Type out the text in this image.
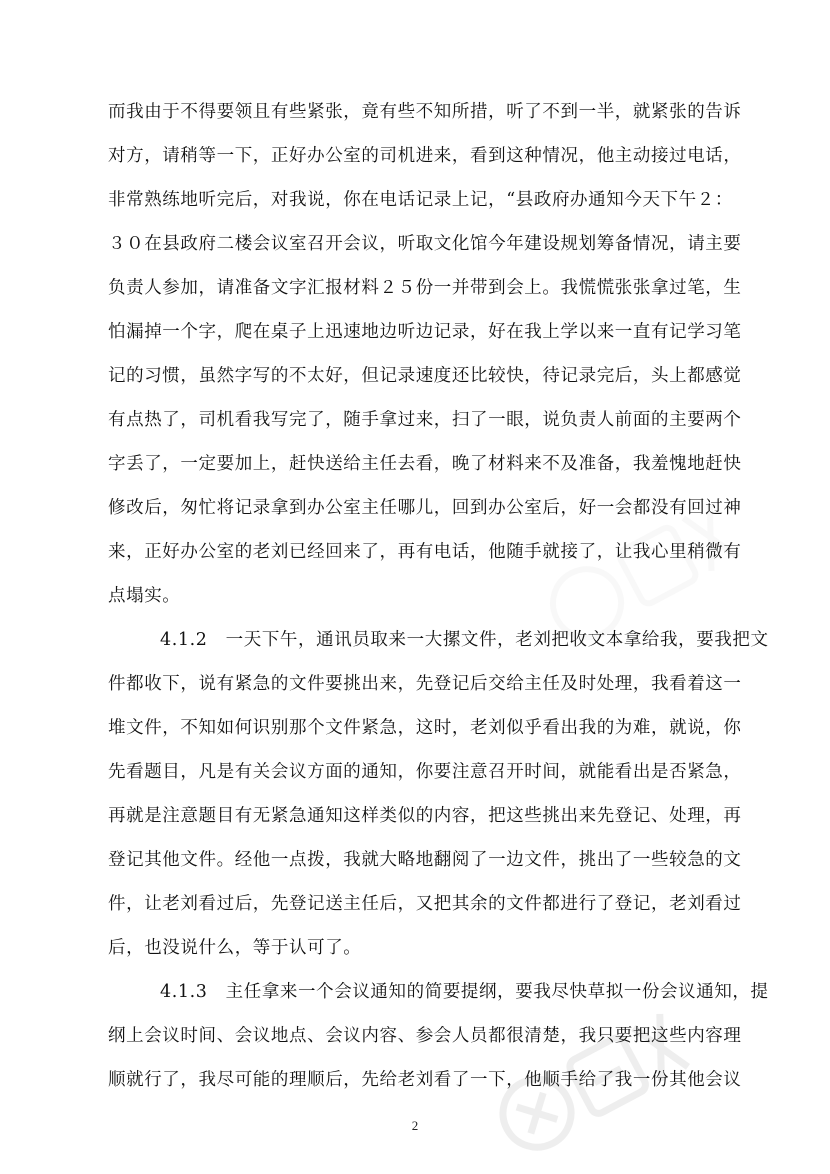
而我由于不得要领且有些紧张，竟有些不知所措，听了不到一半，就紧张的告诉
对方，请稍等一下，正好办公室的司机进来，看到这种情况，他主动接过电话，
非常熟练地听完后，对我说，你在电话记录上记，“县政府办通知今天下午２：
３０在县政府二楼会议室召开会议，听取文化馆今年建设规划筹备情况，请主要
负责人参加，请准备文字汇报材料２５份一并带到会上。我慌慌张张拿过笔，生
怕漏掉一个字，爬在桌子上迅速地边听边记录，好在我上学以来一直有记学习笔
记的习惯，虽然字写的不太好，但记录速度还比较快，待记录完后，头上都感觉
有点热了，司机看我写完了，随手拿过来，扫了一眼，说负责人前面的主要两个
字丢了，一定要加上，赶快送给主任去看，晚了材料来不及准备，我羞愧地赶快
修改后，匆忙将记录拿到办公室主任哪儿，回到办公室后，好一会都没有回过神
来，正好办公室的老刘已经回来了，再有电话，他随手就接了，让我心里稍微有
点塌实。
4.1.2　一天下午，通讯员取来一大摞文件，老刘把收文本拿给我，要我把文
件都收下，说有紧急的文件要挑出来，先登记后交给主任及时处理，我看着这一
堆文件，不知如何识别那个文件紧急，这时，老刘似乎看出我的为难，就说，你
先看题目，凡是有关会议方面的通知，你要注意召开时间，就能看出是否紧急，
再就是注意题目有无紧急通知这样类似的内容，把这些挑出来先登记、处理，再
登记其他文件。经他一点拨，我就大略地翻阅了一边文件，挑出了一些较急的文
件，让老刘看过后，先登记送主任后，又把其余的文件都进行了登记，老刘看过
后，也没说什么，等于认可了。
4.1.3　主任拿来一个会议通知的简要提纲，要我尽快草拟一份会议通知，提
纲上会议时间、会议地点、会议内容、参会人员都很清楚，我只要把这些内容理
顺就行了，我尽可能的理顺后，先给老刘看了一下，他顺手给了我一份其他会议
2
